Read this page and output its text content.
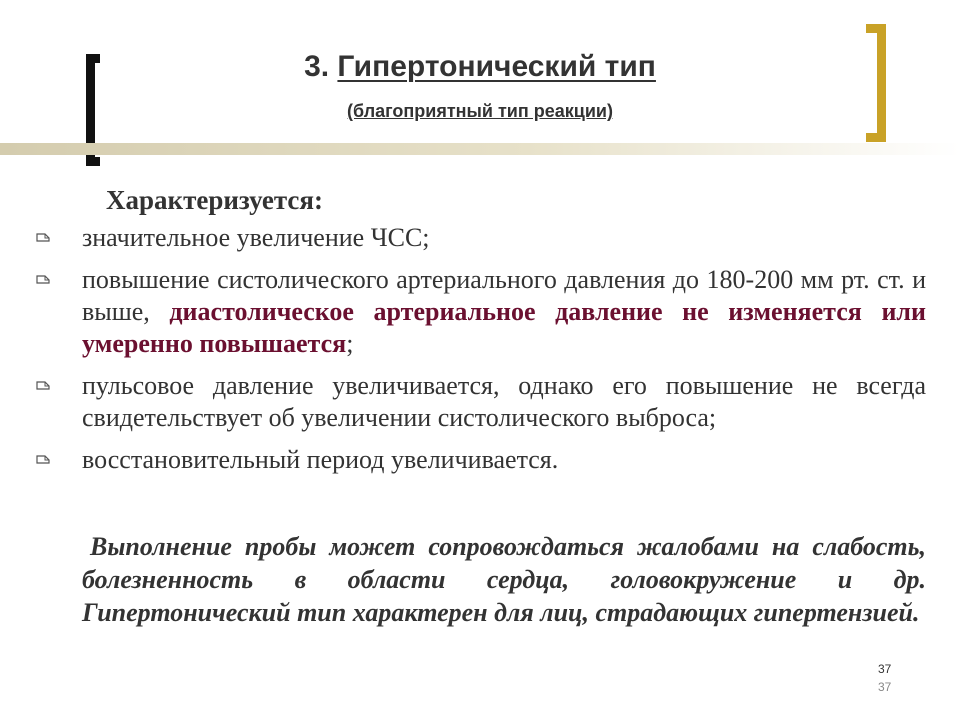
3. Гипертонический тип

(благоприятный тип реакции)

Характеризуется:

значительное увеличение ЧСС;
повышение систолического артериального давления до 180-200 мм рт. ст. и выше, диастолическое артериальное давление не изменяется или умеренно повышается;
пульсовое давление увеличивается, однако его повышение не всегда свидетельствует об увеличении систолического выброса;
восстановительный период увеличивается.

Выполнение пробы может сопровождаться жалобами на слабость, болезненность в области сердца, головокружение и др. Гипертонический тип характерен для лиц, страдающих гипертензией.

37
37
